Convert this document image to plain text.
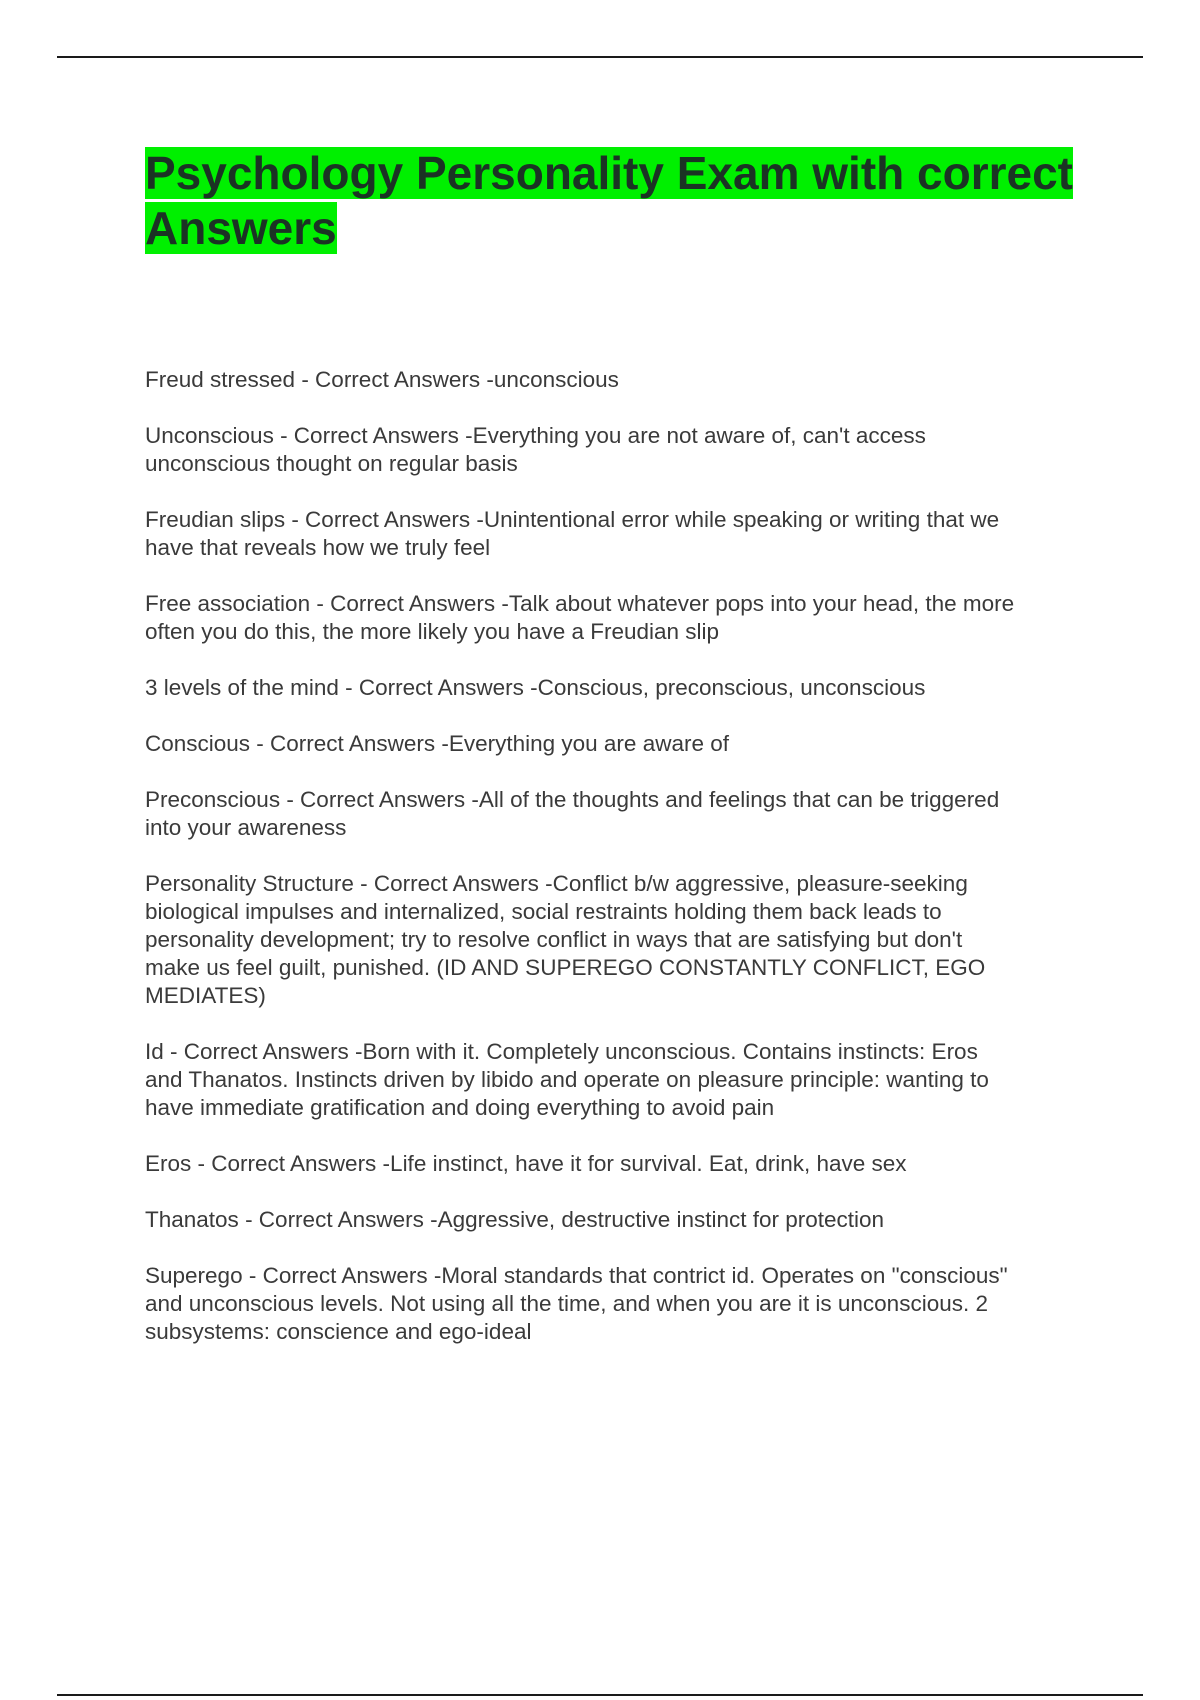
Psychology Personality Exam with correct Answers
Freud stressed - Correct Answers -unconscious
Unconscious - Correct Answers -Everything you are not aware of, can't access
unconscious thought on regular basis
Freudian slips - Correct Answers -Unintentional error while speaking or writing that we
have that reveals how we truly feel
Free association - Correct Answers -Talk about whatever pops into your head, the more
often you do this, the more likely you have a Freudian slip
3 levels of the mind - Correct Answers -Conscious, preconscious, unconscious
Conscious - Correct Answers -Everything you are aware of
Preconscious - Correct Answers -All of the thoughts and feelings that can be triggered
into your awareness
Personality Structure - Correct Answers -Conflict b/w aggressive, pleasure-seeking
biological impulses and internalized, social restraints holding them back leads to
personality development; try to resolve conflict in ways that are satisfying but don't
make us feel guilt, punished. (ID AND SUPEREGO CONSTANTLY CONFLICT, EGO
MEDIATES)
Id - Correct Answers -Born with it. Completely unconscious. Contains instincts: Eros
and Thanatos. Instincts driven by libido and operate on pleasure principle: wanting to
have immediate gratification and doing everything to avoid pain
Eros - Correct Answers -Life instinct, have it for survival. Eat, drink, have sex
Thanatos - Correct Answers -Aggressive, destructive instinct for protection
Superego - Correct Answers -Moral standards that contrict id. Operates on "conscious"
and unconscious levels. Not using all the time, and when you are it is unconscious. 2
subsystems: conscience and ego-ideal
